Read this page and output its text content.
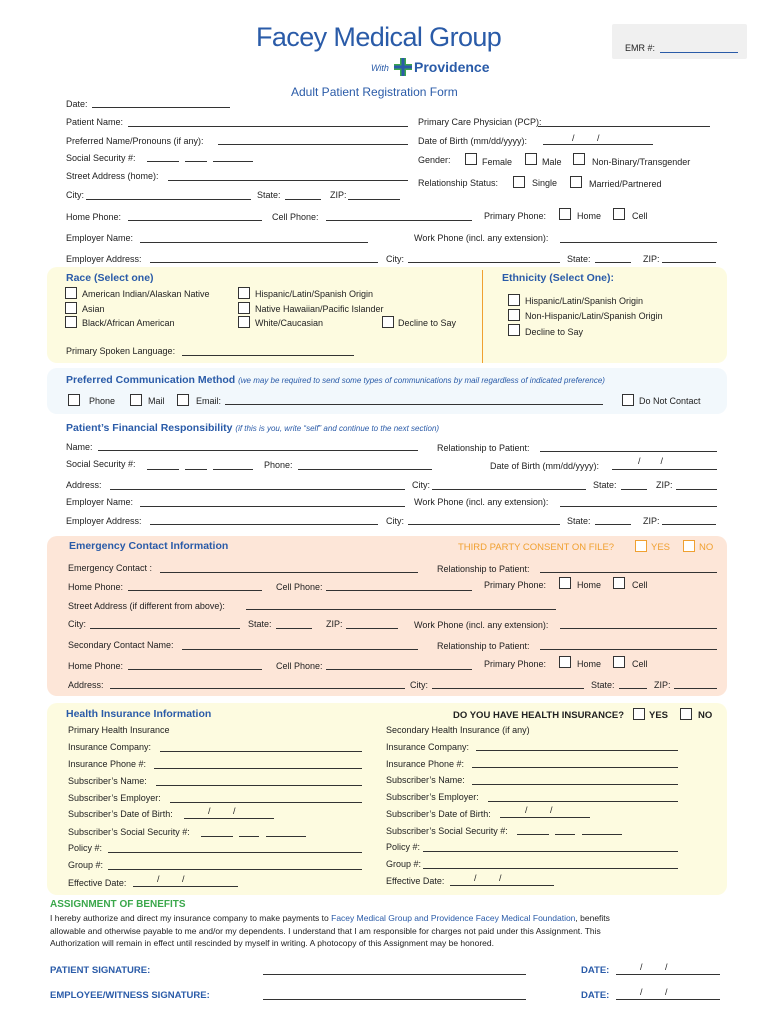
Facey Medical Group
With Providence
EMR #:
Adult Patient Registration Form
Date:
Patient Name:	Primary Care Physician (PCP):
Preferred Name/Pronouns (if any):	Date of Birth (mm/dd/yyyy):	/         /
Social Security #:	Gender:	Female	Male	Non-Binary/Transgender
Street Address (home):
Relationship Status:	Single	Married/Partnered
City:	State:	ZIP:
Home Phone:	Cell Phone:	Primary Phone:	Home	Cell
Employer Name:	Work Phone (incl. any extension):
Employer Address:	City:	State:	ZIP:
Race (Select one)
American Indian/Alaskan Native
Asian
Black/African American
Hispanic/Latin/Spanish Origin
Native Hawaiian/Pacific Islander
White/Caucasian	Decline to Say
Primary Spoken Language:
Ethnicity (Select One):
Hispanic/Latin/Spanish Origin
Non-Hispanic/Latin/Spanish Origin
Decline to Say
Preferred Communication Method (we may be required to send some types of communications by mail regardless of indicated preference)
Phone	Mail	Email:	Do Not Contact
Patient’s Financial Responsibility (if this is you, write “self” and continue to the next section)
Name:	Relationship to Patient:
Social Security #:	Phone:	Date of Birth (mm/dd/yyyy):	/        /
Address:	City:	State:	ZIP:
Employer Name:	Work Phone (incl. any extension):
Employer Address:	City:	State:	ZIP:
Emergency Contact Information	THIRD PARTY CONSENT ON FILE?	YES	NO
Emergency Contact :	Relationship to Patient:
Home Phone:	Cell Phone:	Primary Phone:	Home	Cell
Street Address (if different from above):
City:	State:	ZIP:	Work Phone (incl. any extension):
Secondary Contact Name:	Relationship to Patient:
Home Phone:	Cell Phone:	Primary Phone:	Home	Cell
Address:	City:	State:	ZIP:
Health Insurance Information	DO YOU HAVE HEALTH INSURANCE?	YES	NO
Primary Health Insurance	Secondary Health Insurance (if any)
Insurance Company:
Insurance Phone #:
Subscriber’s Name:
Subscriber’s Employer:
Subscriber’s Date of Birth:	/         /
Subscriber’s Social Security #:
Policy #:
Group #:
Effective Date:	/         /
Insurance Company:
Insurance Phone #:
Subscriber’s Name:
Subscriber’s Employer:
Subscriber’s Date of Birth:	/         /
Subscriber’s Social Security #:
Policy #:
Group #:
Effective Date:	/         /
ASSIGNMENT OF BENEFITS
I hereby authorize and direct my insurance company to make payments to Facey Medical Group and Providence Facey Medical Foundation, benefits
allowable and otherwise payable to me and/or my dependents. I understand that I am responsible for charges not paid under this Assignment. This
Authorization will remain in effect until rescinded by myself in writing. A photocopy of this Assignment may be honored.
PATIENT SIGNATURE:	DATE:	/         /
EMPLOYEE/WITNESS SIGNATURE:	DATE:	/         /
